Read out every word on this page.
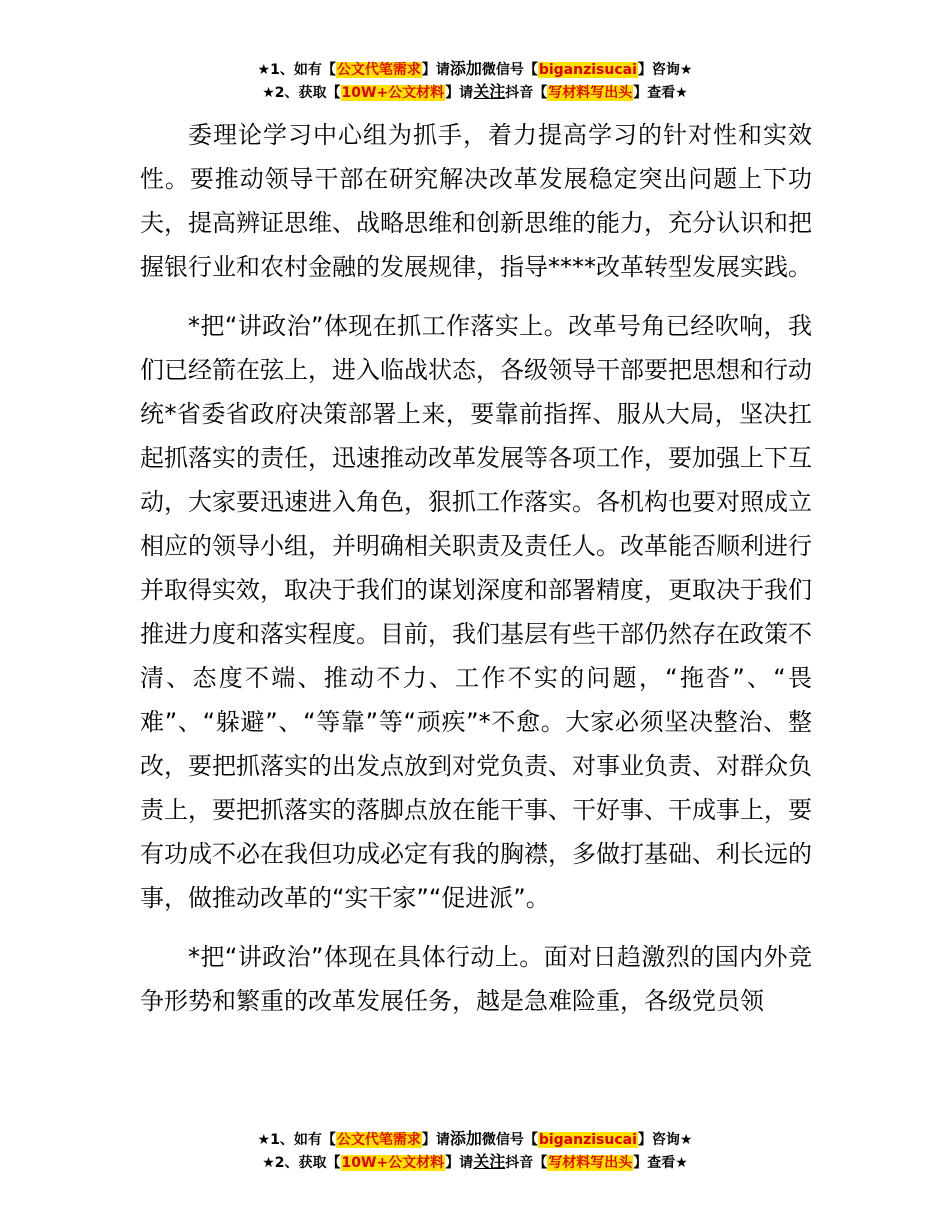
★1、如有【公文代笔需求】请添加微信号【biganzisucai】咨询★
★2、获取【10W+公文材料】请关注抖音【写材料写出头】查看★

委理论学习中心组为抓手，着力提高学习的针对性和实效性。要推动领导干部在研究解决改革发展稳定突出问题上下功夫，提高辨证思维、战略思维和创新思维的能力，充分认识和把握银行业和农村金融的发展规律，指导****改革转型发展实践。

*把“讲政治”体现在抓工作落实上。改革号角已经吹响，我们已经箭在弦上，进入临战状态，各级领导干部要把思想和行动统*省委省政府决策部署上来，要靠前指挥、服从大局，坚决扛起抓落实的责任，迅速推动改革发展等各项工作，要加强上下互动，大家要迅速进入角色，狠抓工作落实。各机构也要对照成立相应的领导小组，并明确相关职责及责任人。改革能否顺利进行并取得实效，取决于我们的谋划深度和部署精度，更取决于我们推进力度和落实程度。目前，我们基层有些干部仍然存在政策不清、态度不端、推动不力、工作不实的问题，“拖沓”、“畏难”、“躲避”、“等靠”等“顽疾”*不愈。大家必须坚决整治、整改，要把抓落实的出发点放到对党负责、对事业负责、对群众负责上，要把抓落实的落脚点放在能干事、干好事、干成事上，要有功成不必在我但功成必定有我的胸襟，多做打基础、利长远的事，做推动改革的“实干家”“促进派”。

*把“讲政治”体现在具体行动上。面对日趋激烈的国内外竞争形势和繁重的改革发展任务，越是急难险重，各级党员领

★1、如有【公文代笔需求】请添加微信号【biganzisucai】咨询★
★2、获取【10W+公文材料】请关注抖音【写材料写出头】查看★
